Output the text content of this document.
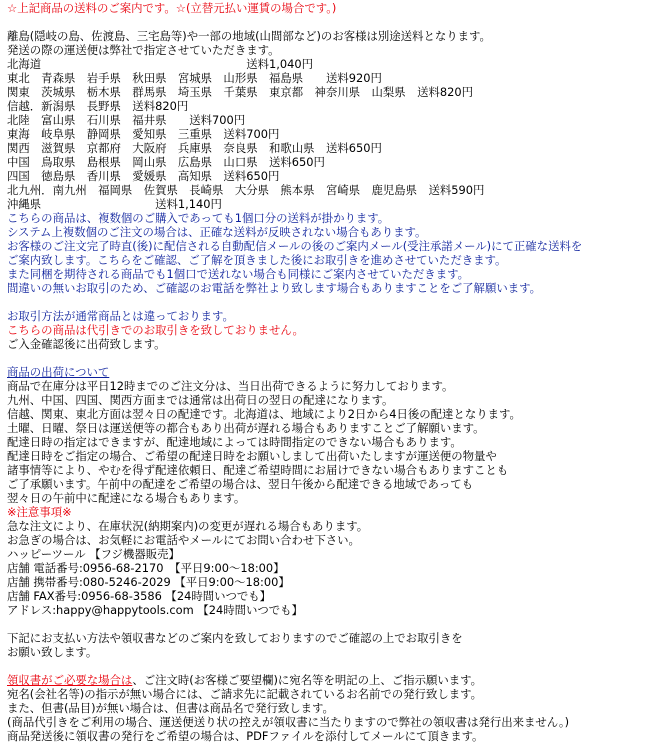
☆上記商品の送料のご案内です。☆(立替元払い運賃の場合です。)
離島(隠岐の島、佐渡島、三宅島等)や一部の地域(山間部など)のお客様は別途送料となります。
発送の際の運送便は弊社で指定させていただきます。
北海道　　　　　　　　　　　　　　　　　　送料1,040円
東北　青森県　岩手県　秋田県　宮城県　山形県　福島県　　送料920円
関東　茨城県　栃木県　群馬県　埼玉県　千葉県　東京都　神奈川県　山梨県　送料820円
信越．新潟県　長野県　送料820円
北陸　富山県　石川県　福井県　　送料700円
東海　岐阜県　静岡県　愛知県　三重県　送料700円
関西　滋賀県　京都府　大阪府　兵庫県　奈良県　和歌山県　送料650円
中国　鳥取県　島根県　岡山県　広島県　山口県　送料650円
四国　徳島県　香川県　愛媛県　高知県　送料650円
北九州．南九州　福岡県　佐賀県　長崎県　大分県　熊本県　宮崎県　鹿児島県　送料590円
沖縄県　　　　　　　　　　送料1,140円
こちらの商品は、複数個のご購入であっても1個口分の送料が掛かります。
システム上複数個のご注文の場合は、正確な送料が反映されない場合もあります。
お客様のご注文完了時直(後)に配信される自動配信メールの後のご案内メール(受注承諾メール)にて正確な送料を
ご案内致します。こちらをご確認、ご了解を頂きました後にお取引きを進めさせていただきます。
また同梱を期待される商品でも1個口で送れない場合も同様にご案内させていただきます。
間違いの無いお取引のため、ご確認のお電話を弊社より致します場合もありますことをご了解願います。
お取引方法が通常商品とは違っております。
こちらの商品は代引きでのお取引きを致しておりません。
ご入金確認後に出荷致します。
商品の出荷について
商品で在庫分は平日12時までのご注文分は、当日出荷できるように努力しております。
九州、中国、四国、関西方面までは通常は出荷日の翌日の配達になります。
信越、関東、東北方面は翌々日の配達です。北海道は、地域により2日から4日後の配達となります。
土曜、日曜、祭日は運送便等の都合もあり出荷が遅れる場合もありますことご了解願います。
配達日時の指定はできますが、配達地域によっては時間指定のできない場合もあります。
配達日時をご指定の場合、ご希望の配達日時をお願いしまして出荷いたしますが運送便の物量や
諸事情等により、やむを得ず配達依頼日、配達ご希望時間にお届けできない場合もありますことも
ご了承願います。午前中の配達をご希望の場合は、翌日午後から配達できる地域であっても
翌々日の午前中に配達になる場合もあります。
※注意事項※
急な注文により、在庫状況(納期案内)の変更が遅れる場合もあります。
お急ぎの場合は、お気軽にお電話やメールにてお問い合わせ下さい。
ハッピーツール 【フジ機器販売】
店舗 電話番号:0956-68-2170　【平日9:00～18:00】
店舗 携帯番号:080-5246-2029 【平日9:00～18:00】
店舗 FAX番号:0956-68-3586 【24時間いつでも】
アドレス:happy@happytools.com 【24時間いつでも】
下記にお支払い方法や領収書などのご案内を致しておりますのでご確認の上でお取引きを
お願い致します。
領収書がご必要な場合は、ご注文時(お客様ご要望欄)に宛名等を明記の上、ご指示願います。
宛名(会社名等)の指示が無い場合には、ご請求先に記載されているお名前での発行致します。
また、但書(品目)が無い場合は、但書は商品名で発行致します。
(商品代引きをご利用の場合、運送便送り状の控えが領収書に当たりますので弊社の領収書は発行出来ません。)
商品発送後に領収書の発行をご希望の場合は、PDFファイルを添付してメールにて頂きます。
